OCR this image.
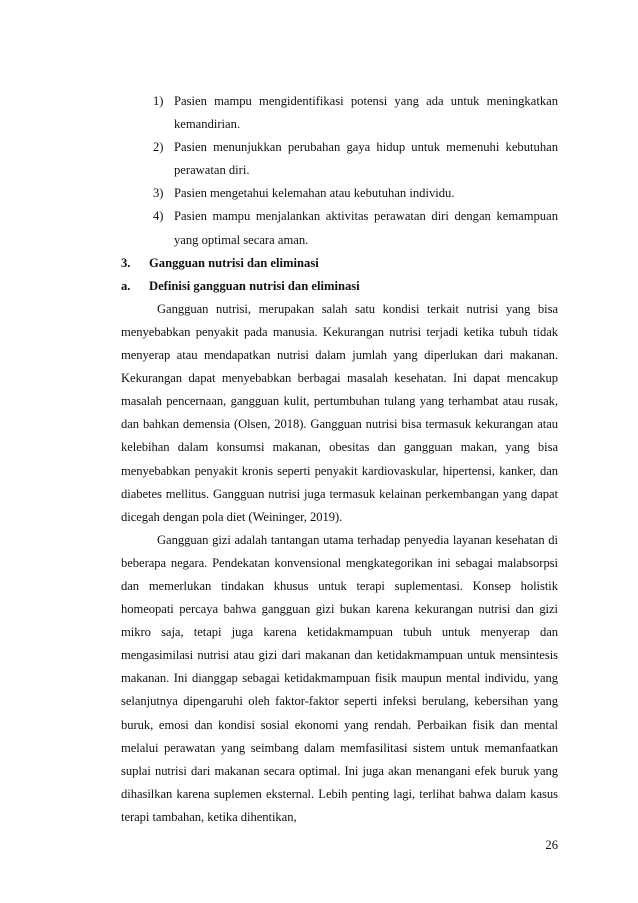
1) Pasien mampu mengidentifikasi potensi yang ada untuk meningkatkan kemandirian.
2) Pasien menunjukkan perubahan gaya hidup untuk memenuhi kebutuhan perawatan diri.
3) Pasien mengetahui kelemahan atau kebutuhan individu.
4) Pasien mampu menjalankan aktivitas perawatan diri dengan kemampuan yang optimal secara aman.
3. Gangguan nutrisi dan eliminasi
a. Definisi gangguan nutrisi dan eliminasi

Gangguan nutrisi, merupakan salah satu kondisi terkait nutrisi yang bisa menyebabkan penyakit pada manusia. Kekurangan nutrisi terjadi ketika tubuh tidak menyerap atau mendapatkan nutrisi dalam jumlah yang diperlukan dari makanan. Kekurangan dapat menyebabkan berbagai masalah kesehatan. Ini dapat mencakup masalah pencernaan, gangguan kulit, pertumbuhan tulang yang terhambat atau rusak, dan bahkan demensia (Olsen, 2018). Gangguan nutrisi bisa termasuk kekurangan atau kelebihan dalam konsumsi makanan, obesitas dan gangguan makan, yang bisa menyebabkan penyakit kronis seperti penyakit kardiovaskular, hipertensi, kanker, dan diabetes mellitus. Gangguan nutrisi juga termasuk kelainan perkembangan yang dapat dicegah dengan pola diet (Weininger, 2019).

Gangguan gizi adalah tantangan utama terhadap penyedia layanan kesehatan di beberapa negara. Pendekatan konvensional mengkategorikan ini sebagai malabsorpsi dan memerlukan tindakan khusus untuk terapi suplementasi. Konsep holistik homeopati percaya bahwa gangguan gizi bukan karena kekurangan nutrisi dan gizi mikro saja, tetapi juga karena ketidakmampuan tubuh untuk menyerap dan mengasimilasi nutrisi atau gizi dari makanan dan ketidakmampuan untuk mensintesis makanan. Ini dianggap sebagai ketidakmampuan fisik maupun mental individu, yang selanjutnya dipengaruhi oleh faktor-faktor seperti infeksi berulang, kebersihan yang buruk, emosi dan kondisi sosial ekonomi yang rendah. Perbaikan fisik dan mental melalui perawatan yang seimbang dalam memfasilitasi sistem untuk memanfaatkan suplai nutrisi dari makanan secara optimal. Ini juga akan menangani efek buruk yang dihasilkan karena suplemen eksternal. Lebih penting lagi, terlihat bahwa dalam kasus terapi tambahan, ketika dihentikan,

26
